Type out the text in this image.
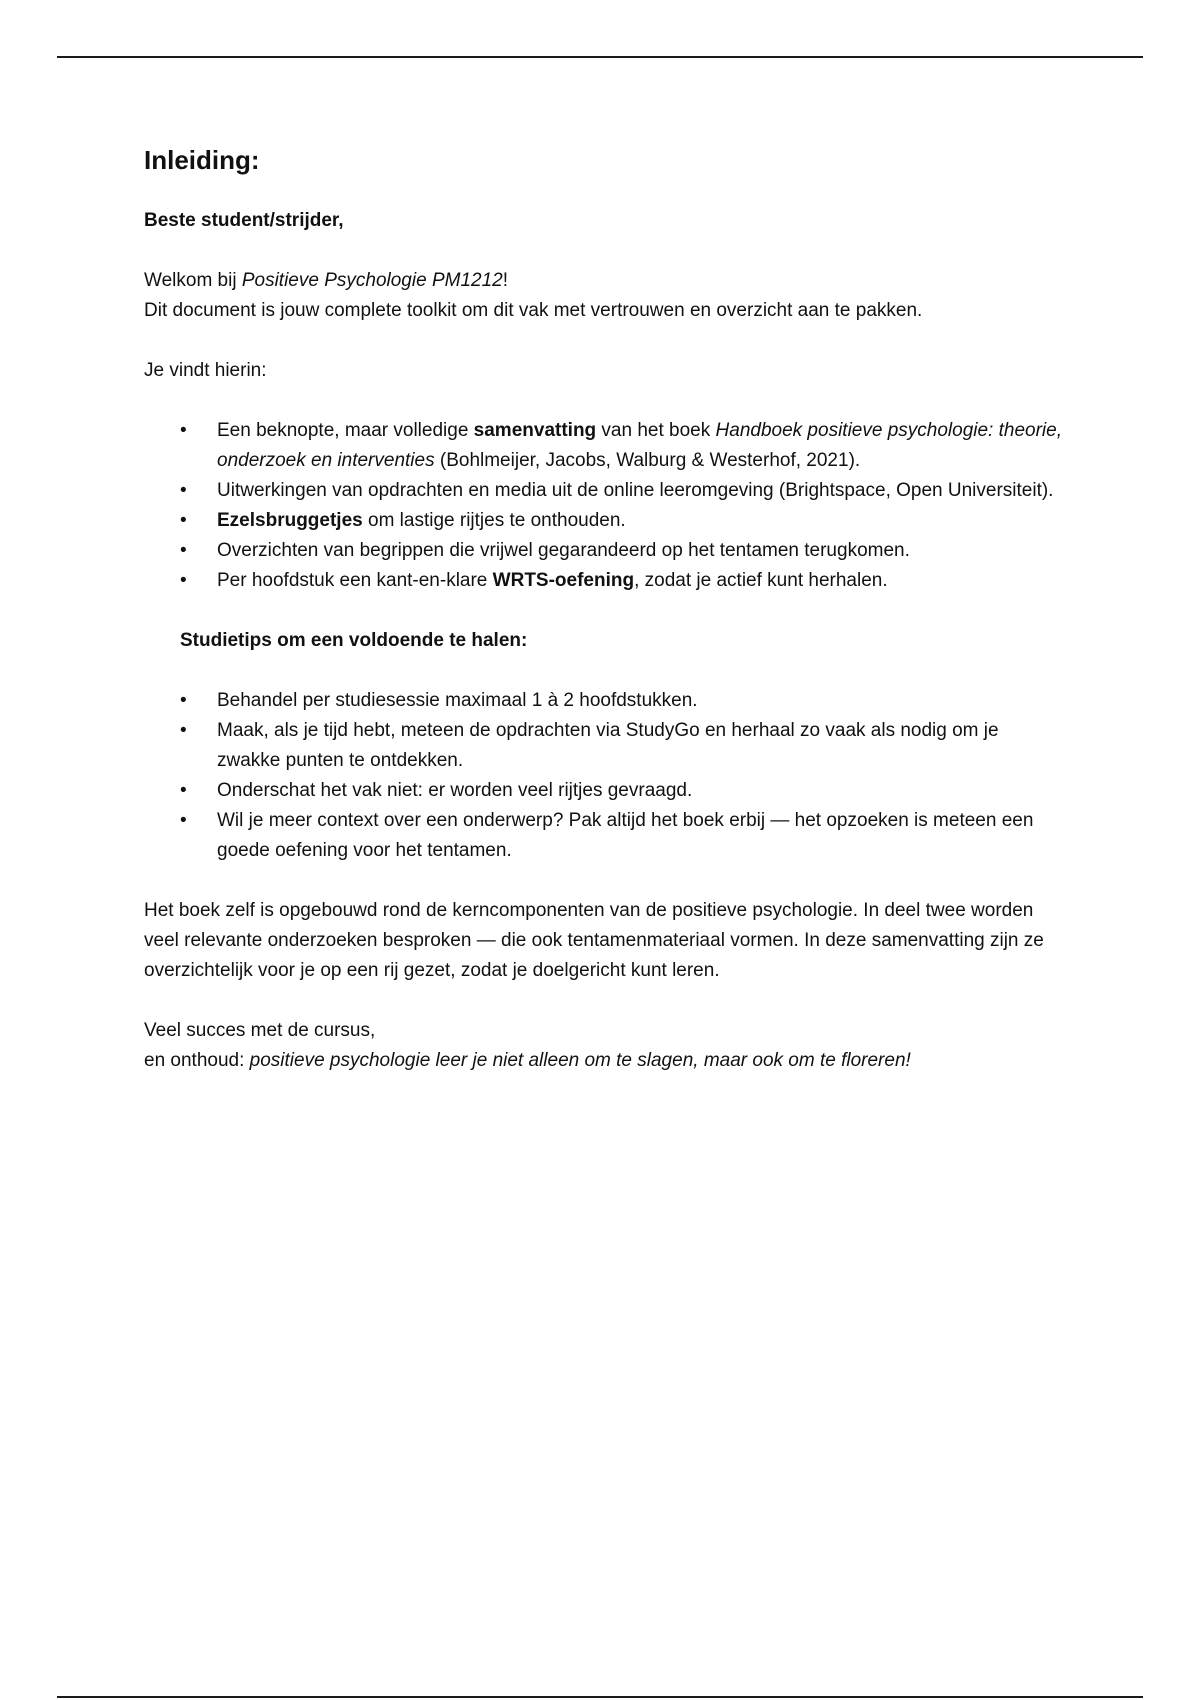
Inleiding:

Beste student/strijder,

Welkom bij Positieve Psychologie PM1212!

Dit document is jouw complete toolkit om dit vak met vertrouwen en overzicht aan te pakken.

Je vindt hierin:

• Een beknopte, maar volledige samenvatting van het boek Handboek positieve psychologie: theorie, onderzoek en interventies (Bohlmeijer, Jacobs, Walburg & Westerhof, 2021).
• Uitwerkingen van opdrachten en media uit de online leeromgeving (Brightspace, Open Universiteit).
• Ezelsbruggetjes om lastige rijtjes te onthouden.
• Overzichten van begrippen die vrijwel gegarandeerd op het tentamen terugkomen.
• Per hoofdstuk een kant-en-klare WRTS-oefening, zodat je actief kunt herhalen.

Studietips om een voldoende te halen:

• Behandel per studiesessie maximaal 1 à 2 hoofdstukken.
• Maak, als je tijd hebt, meteen de opdrachten via StudyGo en herhaal zo vaak als nodig om je zwakke punten te ontdekken.
• Onderschat het vak niet: er worden veel rijtjes gevraagd.
• Wil je meer context over een onderwerp? Pak altijd het boek erbij — het opzoeken is meteen een goede oefening voor het tentamen.

Het boek zelf is opgebouwd rond de kerncomponenten van de positieve psychologie. In deel twee worden veel relevante onderzoeken besproken — die ook tentamenmateriaal vormen. In deze samenvatting zijn ze overzichtelijk voor je op een rij gezet, zodat je doelgericht kunt leren.

Veel succes met de cursus,

en onthoud: positieve psychologie leer je niet alleen om te slagen, maar ook om te floreren!
